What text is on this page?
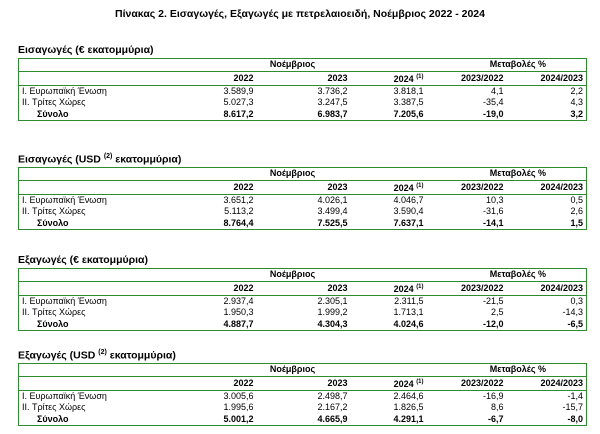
Πίνακας 2. Εισαγωγές, Εξαγωγές με πετρελαιοειδή, Νοέμβριος 2022 - 2024
Εισαγωγές (€ εκατομμύρια)
	Νοέμβριος			Μεταβολές %	
	2022	2023	2024 $^{(1)}$	2023/2022	2024/2023
I. Ευρωπαϊκή Ένωση	3.589,9	3.736,2	3.818,1	4,1	2,2
II. Τρίτες Χώρες	5.027,3	3.247,5	3.387,5	-35,4	4,3
Σύνολο	8.617,2	6.983,7	7.205,6	-19,0	3,2
Εισαγωγές (USD $^{(2)}$ εκατομμύρια)
	Νοέμβριος			Μεταβολές %	
	2022	2023	2024 $^{(1)}$	2023/2022	2024/2023
I. Ευρωπαϊκή Ένωση	3.651,2	4.026,1	4.046,7	10,3	0,5
II. Τρίτες Χώρες	5.113,2	3.499,4	3.590,4	-31,6	2,6
Σύνολο	8.764,4	7.525,5	7.637,1	-14,1	1,5
Εξαγωγές (€ εκατομμύρια)
	Νοέμβριος			Μεταβολές %	
	2022	2023	2024 $^{(1)}$	2023/2022	2024/2023
I. Ευρωπαϊκή Ένωση	2.937,4	2.305,1	2.311,5	-21,5	0,3
II. Τρίτες Χώρες	1.950,3	1.999,2	1.713,1	2,5	-14,3
Σύνολο	4.887,7	4.304,3	4.024,6	-12,0	-6,5
Εξαγωγές (USD $^{(2)}$ εκατομμύρια)
	Νοέμβριος			Μεταβολές %	
	2022	2023	2024 $^{(1)}$	2023/2022	2024/2023
I. Ευρωπαϊκή Ένωση	3.005,6	2.498,7	2.464,6	-16,9	-1,4
II. Τρίτες Χώρες	1.995,6	2.167,2	1.826,5	8,6	-15,7
Σύνολο	5.001,2	4.665,9	4.291,1	-6,7	-8,0
